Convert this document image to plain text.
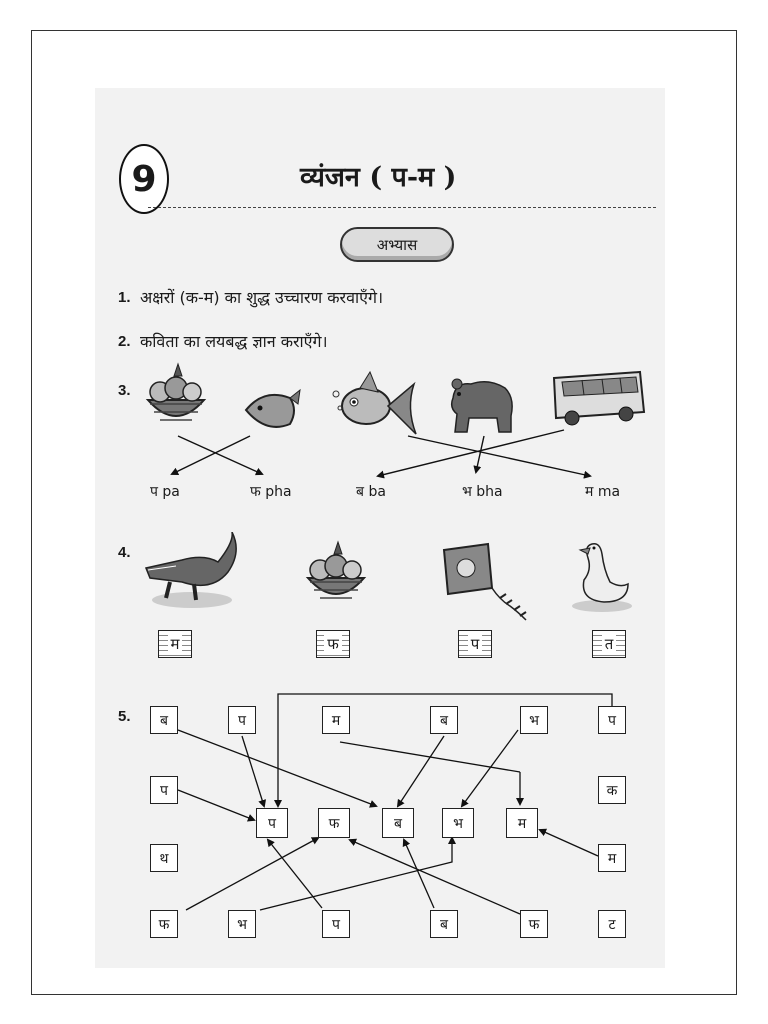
9	व्यंजन ( प-म )
अभ्यास
1. अक्षरों (क-म) का शुद्ध उच्चारण करवाएँगे।
2. कविता का लयबद्ध ज्ञान कराएँगे।
3.
प pa	फ pha	ब ba	भ bha	म ma
4.
म	फ	प	त
5.	ब	प	म	ब	भ	प
प
थ
क
म
प	फ	ब	भ	म
फ	भ	प	ब	फ	ट
